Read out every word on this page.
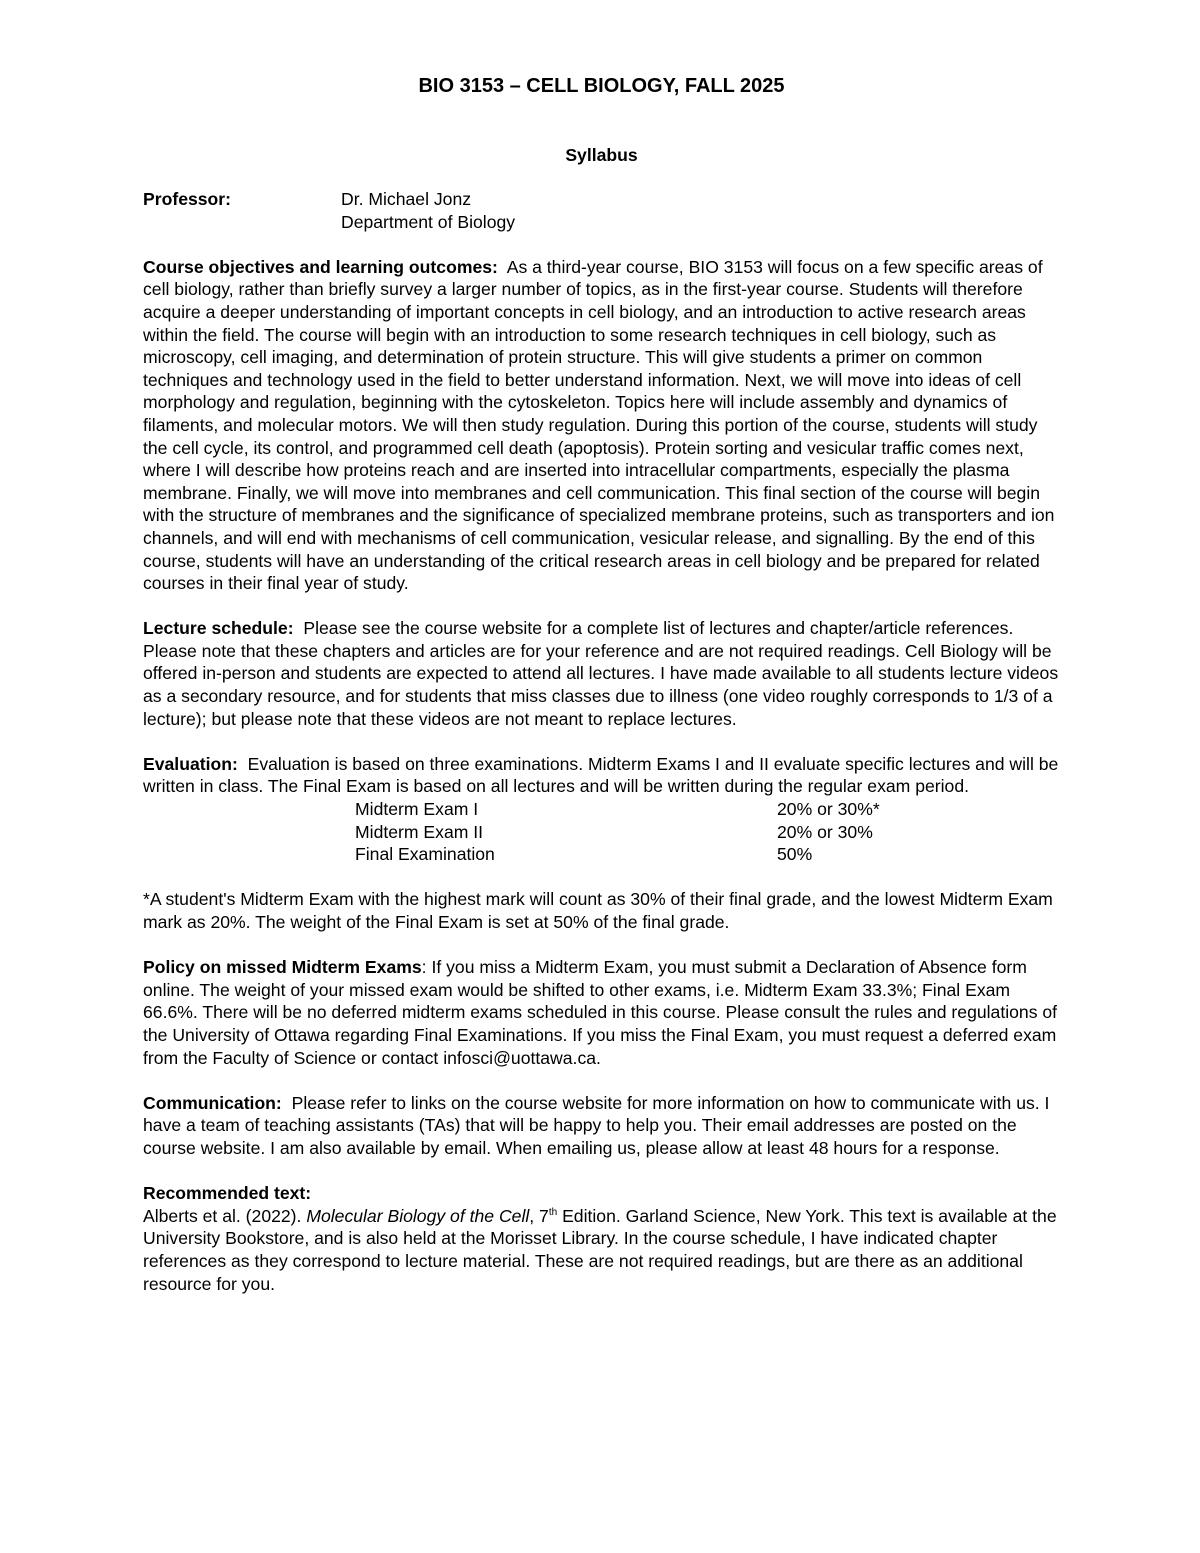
BIO 3153 – CELL BIOLOGY, FALL 2025
Syllabus
Professor:	Dr. Michael Jonz
Department of Biology

Course objectives and learning outcomes: As a third-year course, BIO 3153 will focus on a few specific areas of cell biology, rather than briefly survey a larger number of topics, as in the first-year course. Students will therefore acquire a deeper understanding of important concepts in cell biology, and an introduction to active research areas within the field. The course will begin with an introduction to some research techniques in cell biology, such as microscopy, cell imaging, and determination of protein structure. This will give students a primer on common techniques and technology used in the field to better understand information. Next, we will move into ideas of cell morphology and regulation, beginning with the cytoskeleton. Topics here will include assembly and dynamics of filaments, and molecular motors. We will then study regulation. During this portion of the course, students will study the cell cycle, its control, and programmed cell death (apoptosis). Protein sorting and vesicular traffic comes next, where I will describe how proteins reach and are inserted into intracellular compartments, especially the plasma membrane. Finally, we will move into membranes and cell communication. This final section of the course will begin with the structure of membranes and the significance of specialized membrane proteins, such as transporters and ion channels, and will end with mechanisms of cell communication, vesicular release, and signalling. By the end of this course, students will have an understanding of the critical research areas in cell biology and be prepared for related courses in their final year of study.

Lecture schedule: Please see the course website for a complete list of lectures and chapter/article references. Please note that these chapters and articles are for your reference and are not required readings. Cell Biology will be offered in-person and students are expected to attend all lectures. I have made available to all students lecture videos as a secondary resource, and for students that miss classes due to illness (one video roughly corresponds to 1/3 of a lecture); but please note that these videos are not meant to replace lectures.

Evaluation: Evaluation is based on three examinations. Midterm Exams I and II evaluate specific lectures and will be written in class. The Final Exam is based on all lectures and will be written during the regular exam period.

Midterm Exam I	20% or 30%*
Midterm Exam II	20% or 30%
Final Examination	50%

*A student's Midterm Exam with the highest mark will count as 30% of their final grade, and the lowest Midterm Exam mark as 20%. The weight of the Final Exam is set at 50% of the final grade.

Policy on missed Midterm Exams: If you miss a Midterm Exam, you must submit a Declaration of Absence form online. The weight of your missed exam would be shifted to other exams, i.e. Midterm Exam 33.3%; Final Exam 66.6%. There will be no deferred midterm exams scheduled in this course. Please consult the rules and regulations of the University of Ottawa regarding Final Examinations. If you miss the Final Exam, you must request a deferred exam from the Faculty of Science or contact infosci@uottawa.ca.

Communication: Please refer to links on the course website for more information on how to communicate with us. I have a team of teaching assistants (TAs) that will be happy to help you. Their email addresses are posted on the course website. I am also available by email. When emailing us, please allow at least 48 hours for a response.

Recommended text:

Alberts et al. (2022). Molecular Biology of the Cell, 7th Edition. Garland Science, New York. This text is available at the University Bookstore, and is also held at the Morisset Library. In the course schedule, I have indicated chapter references as they correspond to lecture material. These are not required readings, but are there as an additional resource for you.
